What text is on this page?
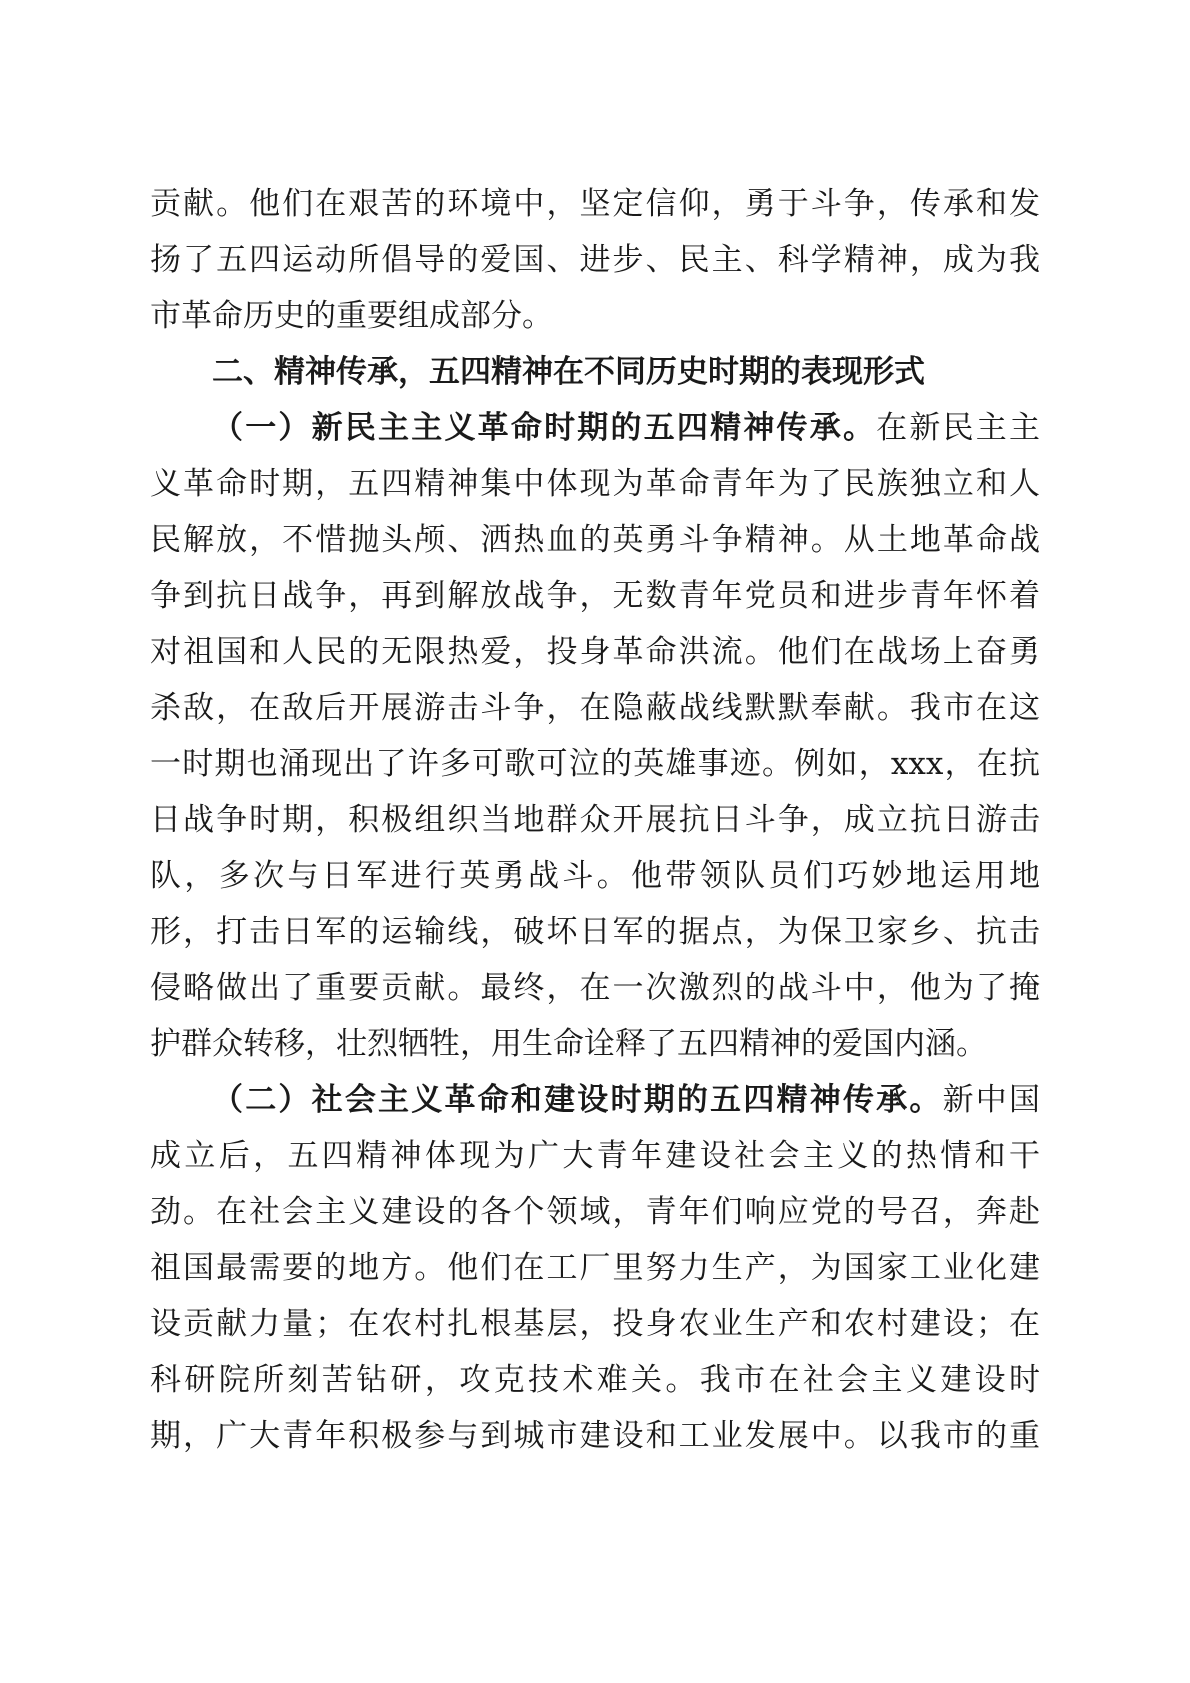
贡献。他们在艰苦的环境中，坚定信仰，勇于斗争，传承和发
扬了五四运动所倡导的爱国、进步、民主、科学精神，成为我
市革命历史的重要组成部分。
二、精神传承，五四精神在不同历史时期的表现形式
（一）新民主主义革命时期的五四精神传承。在新民主主
义革命时期，五四精神集中体现为革命青年为了民族独立和人
民解放，不惜抛头颅、洒热血的英勇斗争精神。从土地革命战
争到抗日战争，再到解放战争，无数青年党员和进步青年怀着
对祖国和人民的无限热爱，投身革命洪流。他们在战场上奋勇
杀敌，在敌后开展游击斗争，在隐蔽战线默默奉献。我市在这
一时期也涌现出了许多可歌可泣的英雄事迹。例如，xxx，在抗
日战争时期，积极组织当地群众开展抗日斗争，成立抗日游击
队，多次与日军进行英勇战斗。他带领队员们巧妙地运用地
形，打击日军的运输线，破坏日军的据点，为保卫家乡、抗击
侵略做出了重要贡献。最终，在一次激烈的战斗中，他为了掩
护群众转移，壮烈牺牲，用生命诠释了五四精神的爱国内涵。
（二）社会主义革命和建设时期的五四精神传承。新中国
成立后，五四精神体现为广大青年建设社会主义的热情和干
劲。在社会主义建设的各个领域，青年们响应党的号召，奔赴
祖国最需要的地方。他们在工厂里努力生产，为国家工业化建
设贡献力量；在农村扎根基层，投身农业生产和农村建设；在
科研院所刻苦钻研，攻克技术难关。我市在社会主义建设时
期，广大青年积极参与到城市建设和工业发展中。以我市的重
